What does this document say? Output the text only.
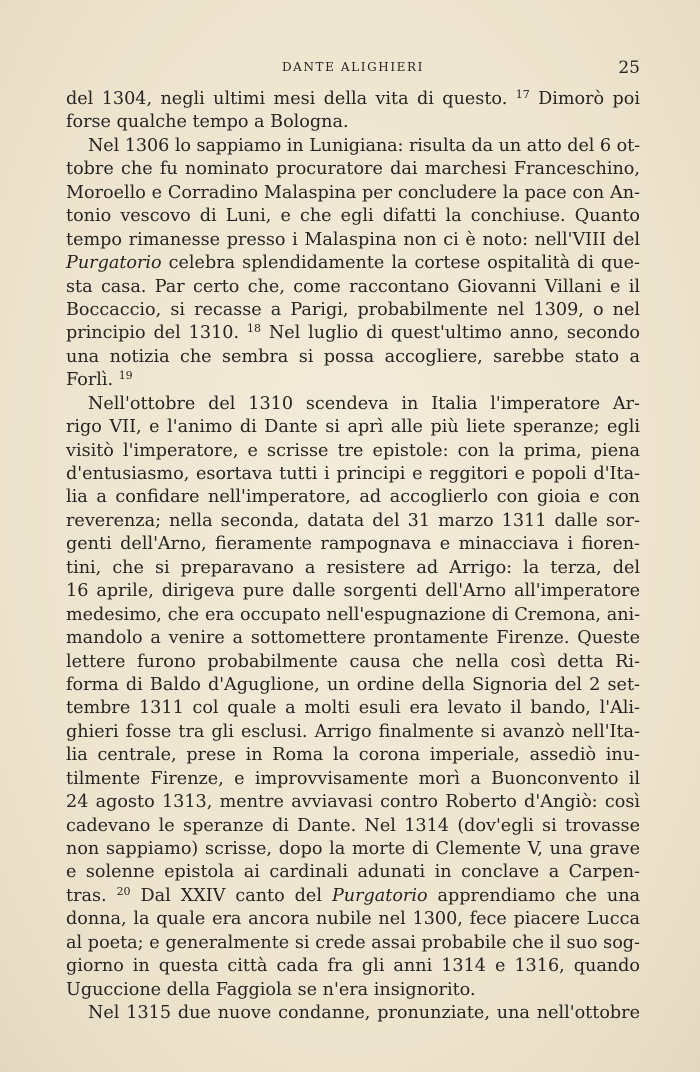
DANTE ALIGHIERI	25
del 1304, negli ultimi mesi della vita di questo. $^{17}$ Dimorò poi
forse qualche tempo a Bologna.
Nel 1306 lo sappiamo in Lunigiana: risulta da un atto del 6 ot-
tobre che fu nominato procuratore dai marchesi Franceschino,
Moroello e Corradino Malaspina per concludere la pace con An-
tonio vescovo di Luni, e che egli difatti la conchiuse. Quanto
tempo rimanesse presso i Malaspina non ci è noto: nell'VIII del
Purgatorio celebra splendidamente la cortese ospitalità di que-
sta casa. Par certo che, come raccontano Giovanni Villani e il
Boccaccio, si recasse a Parigi, probabilmente nel 1309, o nel
principio del 1310. $^{18}$ Nel luglio di quest'ultimo anno, secondo
una notizia che sembra si possa accogliere, sarebbe stato a
Forlì. $^{19}$
Nell'ottobre del 1310 scendeva in Italia l'imperatore Ar-
rigo VII, e l'animo di Dante si aprì alle più liete speranze; egli
visitò l'imperatore, e scrisse tre epistole: con la prima, piena
d'entusiasmo, esortava tutti i principi e reggitori e popoli d'Ita-
lia a confidare nell'imperatore, ad accoglierlo con gioia e con
reverenza; nella seconda, datata del 31 marzo 1311 dalle sor-
genti dell'Arno, fieramente rampognava e minacciava i fioren-
tini, che si preparavano a resistere ad Arrigo: la terza, del
16 aprile, dirigeva pure dalle sorgenti dell'Arno all'imperatore
medesimo, che era occupato nell'espugnazione di Cremona, ani-
mandolo a venire a sottomettere prontamente Firenze. Queste
lettere furono probabilmente causa che nella così detta Ri-
forma di Baldo d'Aguglione, un ordine della Signoria del 2 set-
tembre 1311 col quale a molti esuli era levato il bando, l'Ali-
ghieri fosse tra gli esclusi. Arrigo finalmente si avanzò nell'Ita-
lia centrale, prese in Roma la corona imperiale, assediò inu-
tilmente Firenze, e improvvisamente morì a Buonconvento il
24 agosto 1313, mentre avviavasi contro Roberto d'Angiò: così
cadevano le speranze di Dante. Nel 1314 (dov'egli si trovasse
non sappiamo) scrisse, dopo la morte di Clemente V, una grave
e solenne epistola ai cardinali adunati in conclave a Carpen-
tras. $^{20}$ Dal XXIV canto del Purgatorio apprendiamo che una
donna, la quale era ancora nubile nel 1300, fece piacere Lucca
al poeta; e generalmente si crede assai probabile che il suo sog-
giorno in questa città cada fra gli anni 1314 e 1316, quando
Uguccione della Faggiola se n'era insignorito.
Nel 1315 due nuove condanne, pronunziate, una nell'ottobre
